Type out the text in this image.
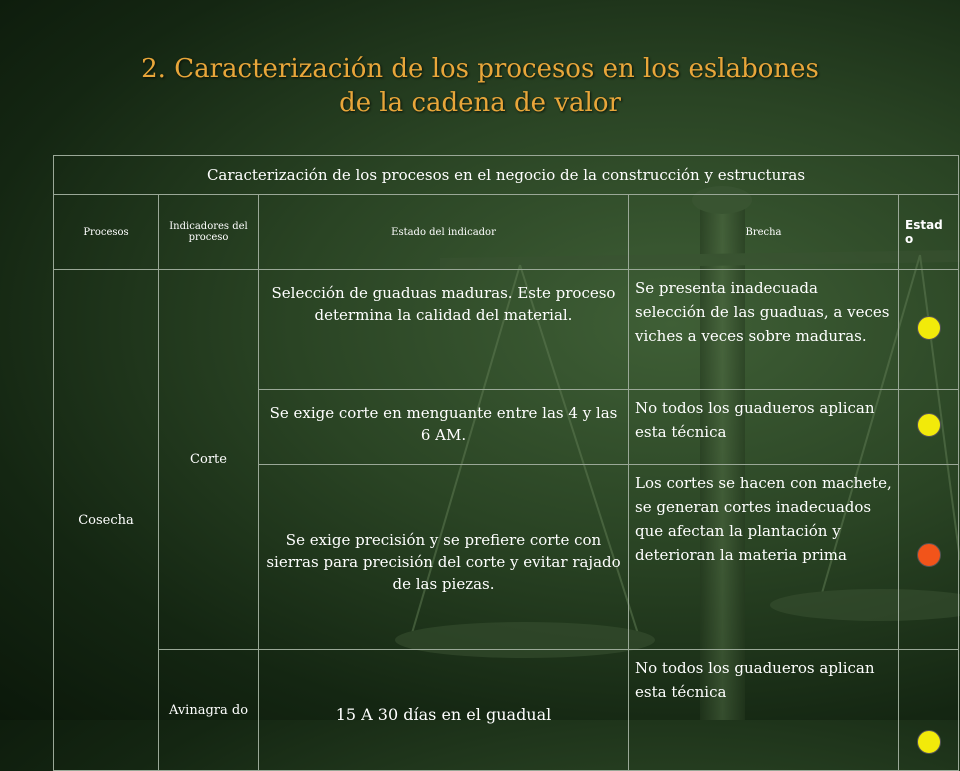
2. Caracterización de los procesos en los eslabones
de la cadena de valor
Caracterización de los procesos en el negocio de la construcción y estructuras				
Procesos	Indicadores del proceso	Estado del indicador	Brecha	Estad o
Cosecha	Corte	Selección de guaduas maduras. Este proceso determina la calidad del material.	Se presenta inadecuada selección de las guaduas, a veces viches a veces sobre maduras.	
		Se exige corte en menguante entre las 4 y las 6 AM.	No todos los guadueros aplican esta técnica	
		Se exige precisión y se prefiere corte con sierras para precisión del corte y evitar rajado de las piezas.	Los cortes se hacen con machete, se generan cortes inadecuados que afectan la plantación y deterioran la materia prima	
	Avinagra do	15 A 30 días en el guadual	No todos los guadueros aplican esta técnica	
